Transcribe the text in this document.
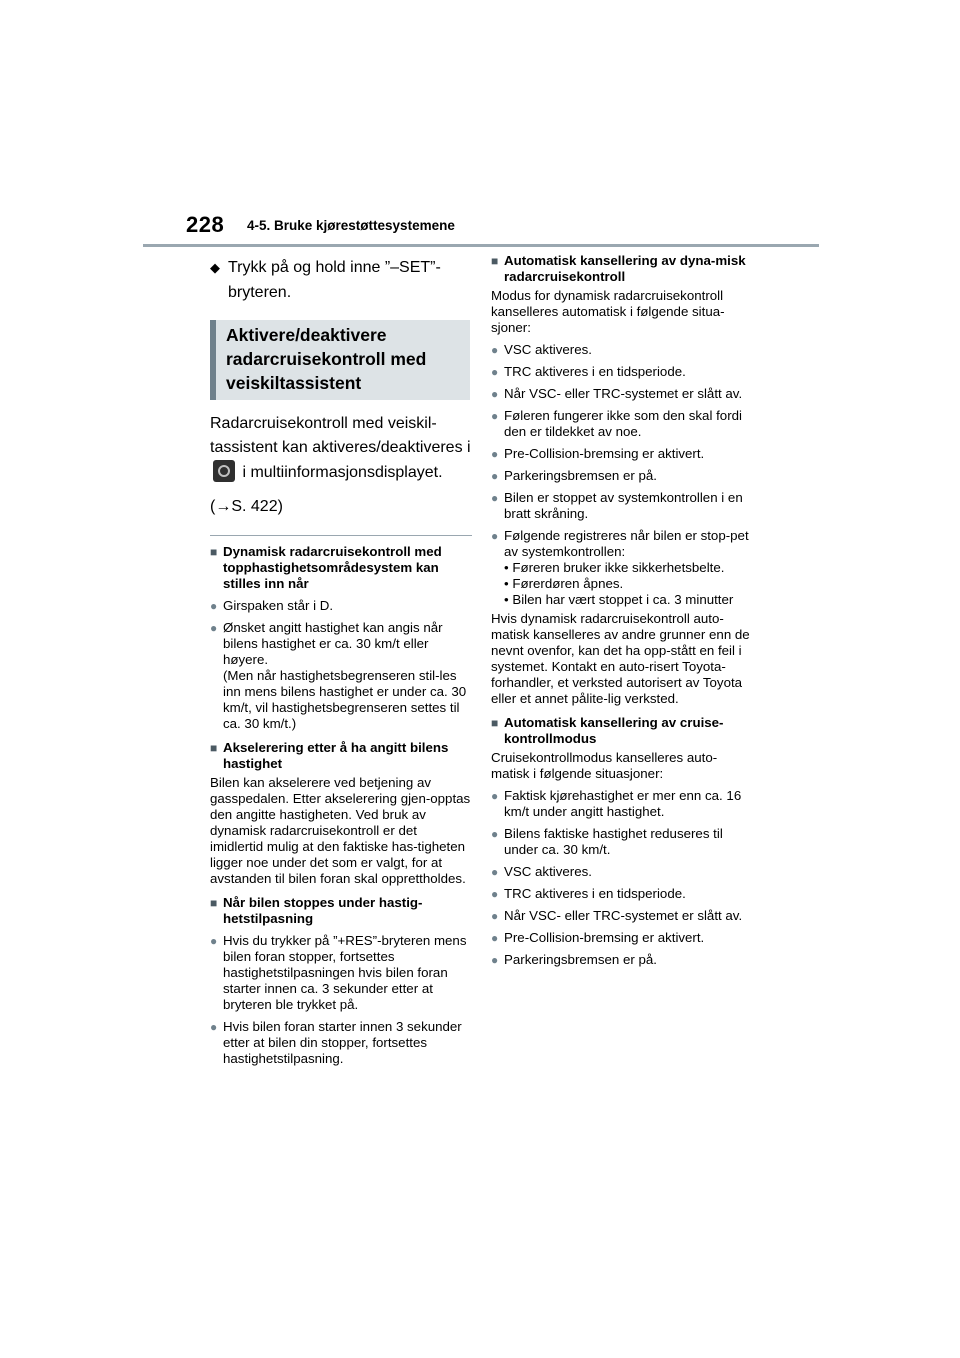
228 4-5. Bruke kjørestøttesystemene
◆ Trykk på og hold inne ”–SET”-bryteren.
Aktivere/deaktivere radarcruisekontroll med veiskiltassistent
Radarcruisekontroll med veiskil-tassistent kan aktiveres/deaktiveres i  i multiinformasjonsdisplayet.
(→S. 422)
■ Dynamisk radarcruisekontroll med topphastighetsområdesystem kan stilles inn når
● Girspaken står i D.
● Ønsket angitt hastighet kan angis når bilens hastighet er ca. 30 km/t eller høyere.
(Men når hastighetsbegrenseren stil-les inn mens bilens hastighet er under ca. 30 km/t, vil hastighetsbegrenseren settes til ca. 30 km/t.)
■ Akselerering etter å ha angitt bilens hastighet
Bilen kan akselerere ved betjening av gasspedalen. Etter akselerering gjen-opptas den angitte hastigheten. Ved bruk av dynamisk radarcruisekontroll er det imidlertid mulig at den faktiske has-tigheten ligger noe under det som er valgt, for at avstanden til bilen foran skal opprettholdes.
■ Når bilen stoppes under hastig-hetstilpasning
● Hvis du trykker på ”+RES”-bryteren mens bilen foran stopper, fortsettes hastighetstilpasningen hvis bilen foran starter innen ca. 3 sekunder etter at bryteren ble trykket på.
● Hvis bilen foran starter innen 3 sekunder etter at bilen din stopper, fortsettes hastighetstilpasning.
■ Automatisk kansellering av dyna-misk radarcruisekontroll
Modus for dynamisk radarcruisekontroll kanselleres automatisk i følgende situa-sjoner:
● VSC aktiveres.
● TRC aktiveres i en tidsperiode.
● Når VSC- eller TRC-systemet er slått av.
● Føleren fungerer ikke som den skal fordi den er tildekket av noe.
● Pre-Collision-bremsing er aktivert.
● Parkeringsbremsen er på.
● Bilen er stoppet av systemkontrollen i en bratt skråning.
● Følgende registreres når bilen er stop-pet av systemkontrollen:
• Føreren bruker ikke sikkerhetsbelte.
• Førerdøren åpnes.
• Bilen har vært stoppet i ca. 3 minutter
Hvis dynamisk radarcruisekontroll auto-matisk kanselleres av andre grunner enn de nevnt ovenfor, kan det ha opp-stått en feil i systemet. Kontakt en auto-risert Toyota-forhandler, et verksted autorisert av Toyota eller et annet pålite-lig verksted.
■ Automatisk kansellering av cruise-kontrollmodus
Cruisekontrollmodus kanselleres auto-matisk i følgende situasjoner:
● Faktisk kjørehastighet er mer enn ca. 16 km/t under angitt hastighet.
● Bilens faktiske hastighet reduseres til under ca. 30 km/t.
● VSC aktiveres.
● TRC aktiveres i en tidsperiode.
● Når VSC- eller TRC-systemet er slått av.
● Pre-Collision-bremsing er aktivert.
● Parkeringsbremsen er på.
